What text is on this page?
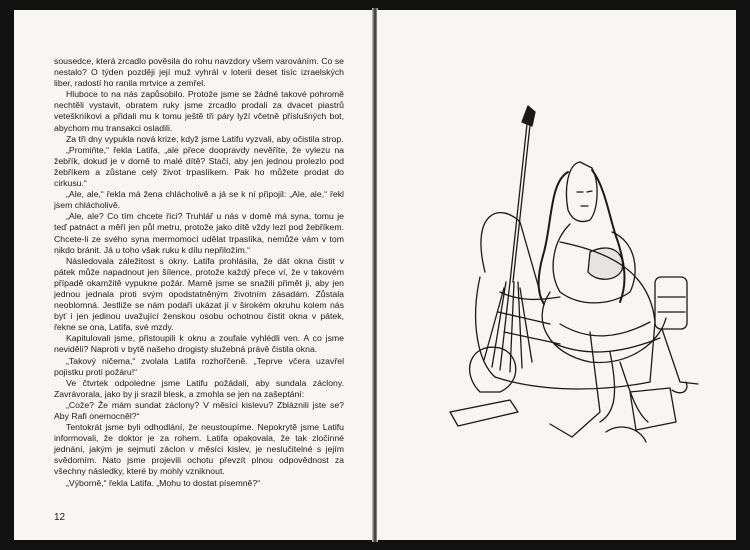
sousedce, která zrcadlo pověsila do rohu navzdory všem varováním. Co se nestalo? O týden později její muž vyhrál v loterii deset tisíc izraelských liber, radostí ho ranila mrtvice a zemřel.

Hluboce to na nás zapůsobilo. Protože jsme se žádné takové pohromě nechtěli vystavit, obratem ruky jsme zrcadlo prodali za dvacet piastrů veteškníkovi a přidali mu k tomu ještě tři páry lyží včetně příslušných bot, abychom mu transakci osladili.

Za tři dny vypukla nová krize, když jsme Latifu vyzvali, aby očistila strop.

„Promiňte,“ řekla Latifa, „ale přece doopravdy nevěříte, že vylezu na žebřík, dokud je v domě to malé dítě? Stačí, aby jen jednou prolezlo pod žebříkem a zůstane celý život trpaslíkem. Pak ho můžete prodat do cirkusu.“

„Ale, ale,“ řekla má žena chlácholivě a já se k ní připojil: „Ale, ale,“ řekl jsem chlácholivě.

„Ale, ale? Co tím chcete říci? Truhlář u nás v domě má syna, tomu je teď patnáct a měří jen půl metru, protože jako dítě vždy lezl pod žebříkem. Chcete-li ze svého syna mermomocí udělat trpaslíka, nemůže vám v tom nikdo bránit. Já u toho však ruku k dílu nepřiložím.“

Následovala záležitost s okny. Latifa prohlásila, že dát okna čistit v pátek může napadnout jen šílence, protože každý přece ví, že v takovém případě okamžitě vypukne požár. Marně jsme se snažili přimět ji, aby jen jednou jednala proti svým opodstatněným životním zásadám. Zůstala neoblomná. Jestliže se nám podaří ukázat jí v širokém okruhu kolem nás byť i jen jedinou uvažující ženskou osobu ochotnou čistit okna v pátek, řekne se ona, Latifa, své mzdy.

Kapitulovali jsme, přistoupili k oknu a zoufale vyhlédli ven. A co jsme neviděli? Naproti v bytě našeho drogisty služebná právě čistila okna.

„Takový ničema,“ zvolala Latifa rozhořčeně. „Teprve včera uzavřel pojistku proti požáru!“

Ve čtvrtek odpoledne jsme Latifu požádali, aby sundala záclony. Zavrávorala, jako by ji srazil blesk, a zmohla se jen na zašeptání:

„Cože? Že mám sundat záclony? V měsíci kislevu? Zbláznili jste se? Aby Rafi onemocněl?“

Tentokrát jsme byli odhodlání, že neustoupíme. Nepokrytě jsme Latifu informovali, že doktor je za rohem. Latifa opakovala, že tak zločinné jednání, jakým je sejmutí záclon v měsíci kislev, je neslučitelné s jejím svědomím. Nato jsme projevili ochotu převzít plnou odpovědnost za všechny následky, které by mohly vzniknout.

„Výborně,“ řekla Latifa. „Mohu to dostat písemně?“

12
